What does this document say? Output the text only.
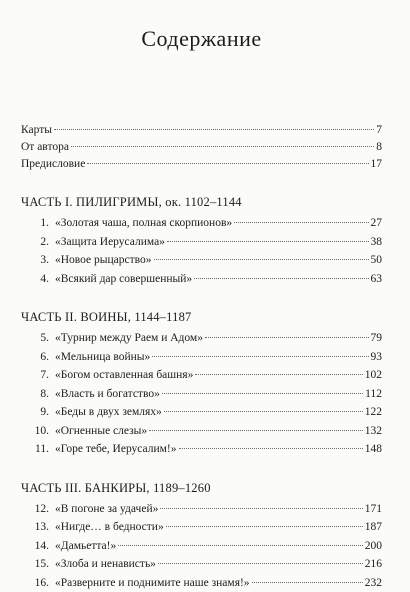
Содержание
Карты	7
От автора	8
Предисловие	17
ЧАСТЬ I. ПИЛИГРИМЫ, ок. 1102–1144
1. «Золотая чаша, полная скорпионов»	27
2. «Защита Иерусалима»	38
3. «Новое рыцарство»	50
4. «Всякий дар совершенный»	63
ЧАСТЬ II. ВОИНЫ, 1144–1187
5. «Турнир между Раем и Адом»	79
6. «Мельница войны»	93
7. «Богом оставленная башня»	102
8. «Власть и богатство»	112
9. «Беды в двух землях»	122
10. «Огненные слезы»	132
11. «Горе тебе, Иерусалим!»	148
ЧАСТЬ III. БАНКИРЫ, 1189–1260
12. «В погоне за удачей»	171
13. «Нигде… в бедности»	187
14. «Дамьетта!»	200
15. «Злоба и ненависть»	216
16. «Разверните и поднимите наше знамя!»	232
